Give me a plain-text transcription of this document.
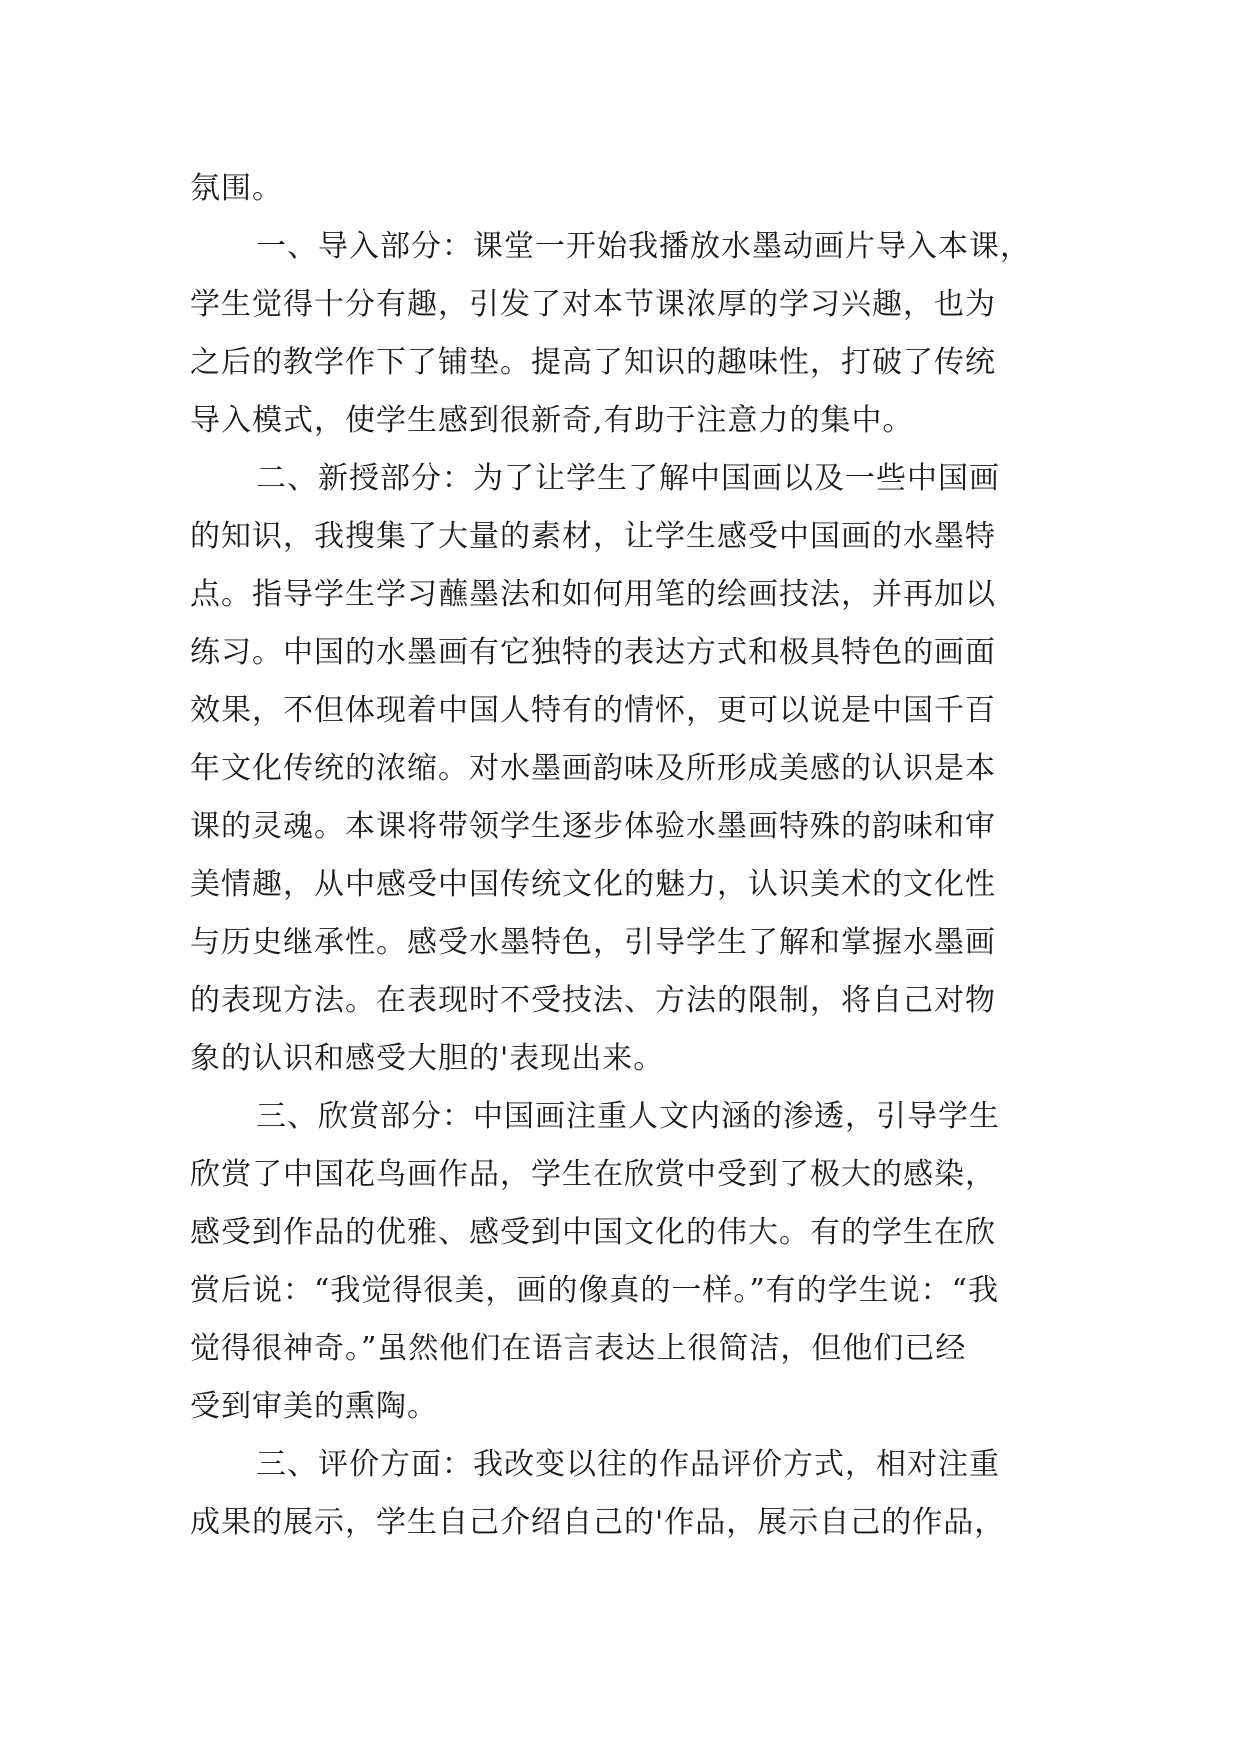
氛围。
一、导入部分：课堂一开始我播放水墨动画片导入本课，
学生觉得十分有趣，引发了对本节课浓厚的学习兴趣，也为
之后的教学作下了铺垫。提高了知识的趣味性，打破了传统
导入模式，使学生感到很新奇,有助于注意力的集中。
二、新授部分：为了让学生了解中国画以及一些中国画
的知识，我搜集了大量的素材，让学生感受中国画的水墨特
点。指导学生学习蘸墨法和如何用笔的绘画技法，并再加以
练习。中国的水墨画有它独特的表达方式和极具特色的画面
效果，不但体现着中国人特有的情怀，更可以说是中国千百
年文化传统的浓缩。对水墨画韵味及所形成美感的认识是本
课的灵魂。本课将带领学生逐步体验水墨画特殊的韵味和审
美情趣，从中感受中国传统文化的魅力，认识美术的文化性
与历史继承性。感受水墨特色，引导学生了解和掌握水墨画
的表现方法。在表现时不受技法、方法的限制，将自己对物
象的认识和感受大胆的'表现出来。
三、欣赏部分：中国画注重人文内涵的渗透，引导学生
欣赏了中国花鸟画作品，学生在欣赏中受到了极大的感染，
感受到作品的优雅、感受到中国文化的伟大。有的学生在欣
赏后说：“我觉得很美，画的像真的一样。”有的学生说：“我
觉得很神奇。”虽然他们在语言表达上很简洁，但他们已经
受到审美的熏陶。
三、评价方面：我改变以往的作品评价方式，相对注重
成果的展示，学生自己介绍自己的'作品，展示自己的作品，
